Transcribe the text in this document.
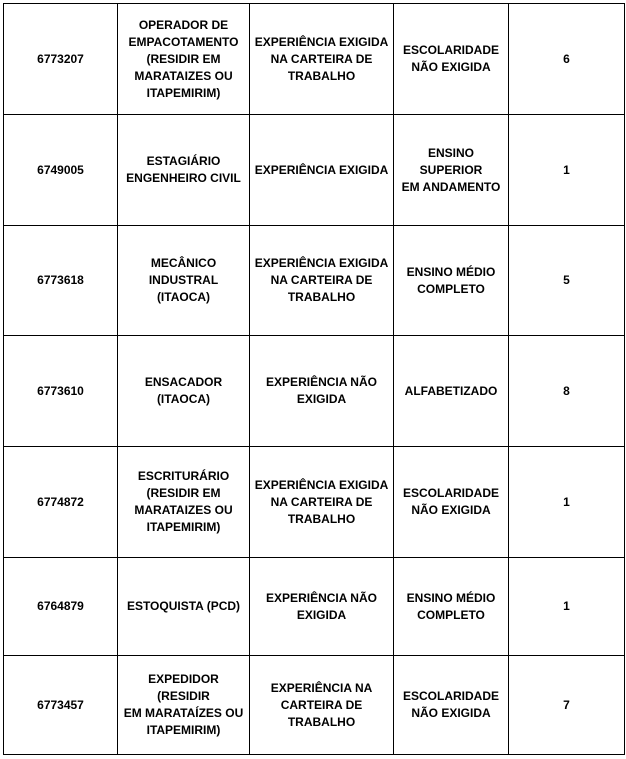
6773207	OPERADOR DE
EMPACOTAMENTO
(RESIDIR EM
MARATAIZES OU
ITAPEMIRIM)	EXPERIÊNCIA EXIGIDA
NA CARTEIRA DE
TRABALHO	ESCOLARIDADE
NÃO EXIGIDA	6
6749005	ESTAGIÁRIO
ENGENHEIRO CIVIL	EXPERIÊNCIA EXIGIDA	ENSINO SUPERIOR
EM ANDAMENTO	1
6773618	MECÂNICO
INDUSTRAL (ITAOCA)	EXPERIÊNCIA EXIGIDA
NA CARTEIRA DE
TRABALHO	ENSINO MÉDIO
COMPLETO	5
6773610	ENSACADOR
(ITAOCA)	EXPERIÊNCIA NÃO
EXIGIDA	ALFABETIZADO	8
6774872	ESCRITURÁRIO
(RESIDIR EM
MARATAIZES OU
ITAPEMIRIM)	EXPERIÊNCIA EXIGIDA
NA CARTEIRA DE
TRABALHO	ESCOLARIDADE
NÃO EXIGIDA	1
6764879	ESTOQUISTA (PCD)	EXPERIÊNCIA NÃO
EXIGIDA	ENSINO MÉDIO
COMPLETO	1
6773457	EXPEDIDOR (RESIDIR
EM MARATAÍZES OU
ITAPEMIRIM)	EXPERIÊNCIA NA
CARTEIRA DE
TRABALHO	ESCOLARIDADE
NÃO EXIGIDA	7
